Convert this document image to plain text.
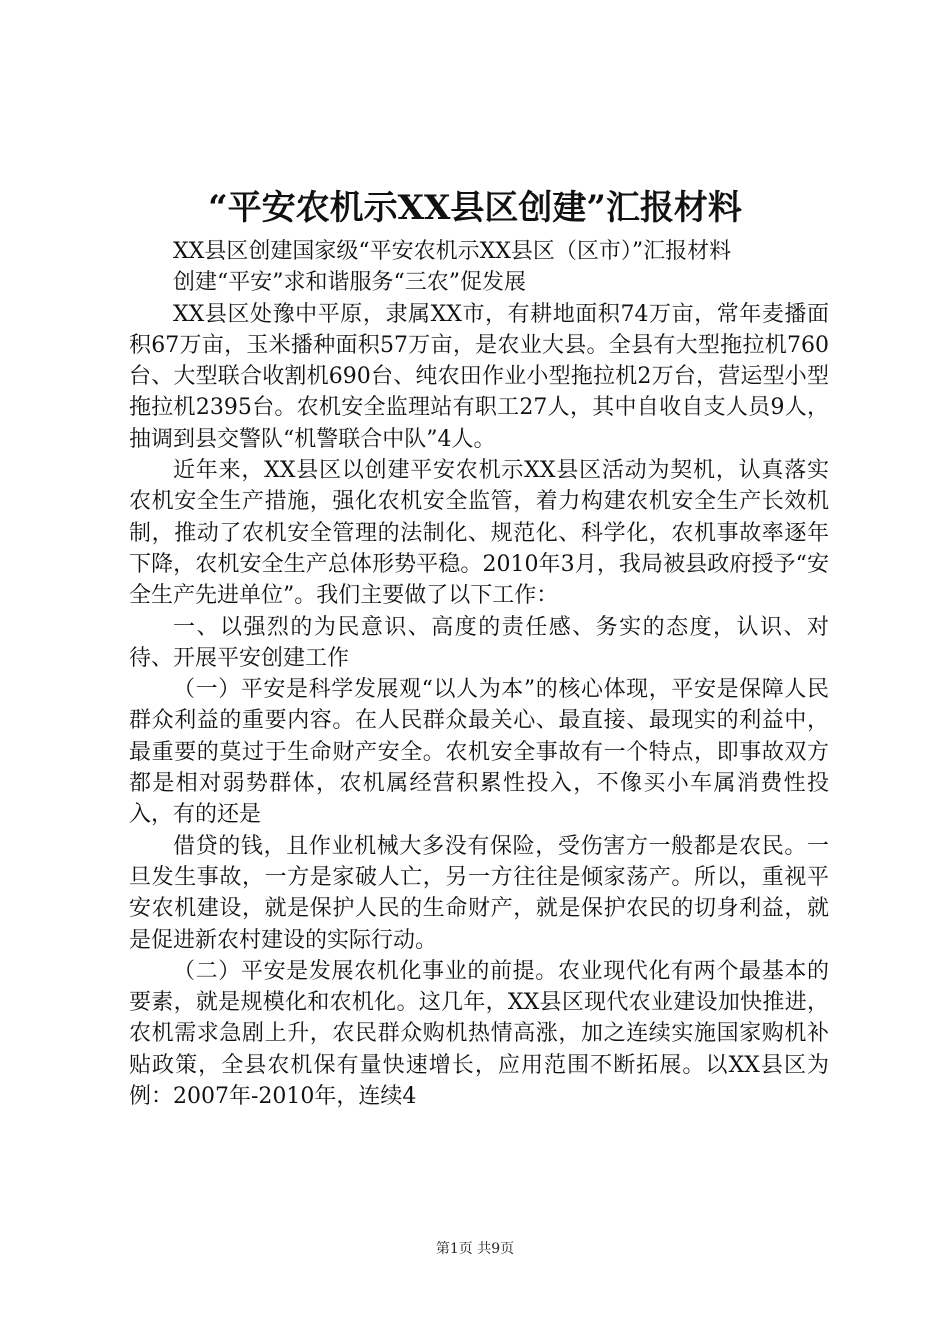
“平安农机示XX县区创建”汇报材料

XX县区创建国家级“平安农机示XX县区（区市）”汇报材料

创建“平安”求和谐服务“三农”促发展

XX县区处豫中平原，隶属XX市，有耕地面积74万亩，常年麦播面积67万亩，玉米播种面积57万亩，是农业大县。全县有大型拖拉机760台、大型联合收割机690台、纯农田作业小型拖拉机2万台，营运型小型拖拉机2395台。农机安全监理站有职工27人，其中自收自支人员9人，抽调到县交警队“机警联合中队”4人。

近年来，XX县区以创建平安农机示XX县区活动为契机，认真落实农机安全生产措施，强化农机安全监管，着力构建农机安全生产长效机制，推动了农机安全管理的法制化、规范化、科学化，农机事故率逐年下降，农机安全生产总体形势平稳。2010年3月，我局被县政府授予“安全生产先进单位”。我们主要做了以下工作：

一、以强烈的为民意识、高度的责任感、务实的态度，认识、对待、开展平安创建工作

（一）平安是科学发展观“以人为本”的核心体现，平安是保障人民群众利益的重要内容。在人民群众最关心、最直接、最现实的利益中，最重要的莫过于生命财产安全。农机安全事故有一个特点，即事故双方都是相对弱势群体，农机属经营积累性投入，不像买小车属消费性投入，有的还是

借贷的钱，且作业机械大多没有保险，受伤害方一般都是农民。一旦发生事故，一方是家破人亡，另一方往往是倾家荡产。所以，重视平安农机建设，就是保护人民的生命财产，就是保护农民的切身利益，就是促进新农村建设的实际行动。

（二）平安是发展农机化事业的前提。农业现代化有两个最基本的要素，就是规模化和农机化。这几年，XX县区现代农业建设加快推进，农机需求急剧上升，农民群众购机热情高涨，加之连续实施国家购机补贴政策，全县农机保有量快速增长，应用范围不断拓展。以XX县区为例：2007年-2010年，连续4

第1页 共9页
